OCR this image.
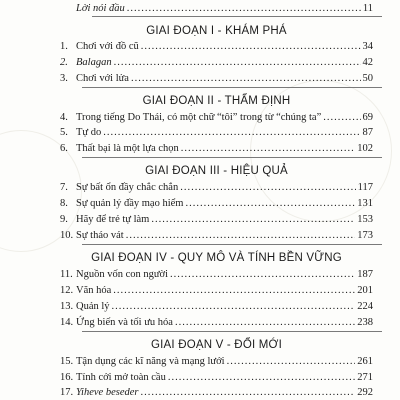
Lời nói đầu .....	11
GIAI ĐOẠN I - KHÁM PHÁ
1. Chơi với đồ cũ .....	34
2. Balagan .....	42
3. Chơi với lửa .....	50
GIAI ĐOẠN II - THẨM ĐỊNH
4. Trong tiếng Do Thái, có một chữ “tôi” trong từ “chúng ta” .....	69
5. Tự do .....	87
6. Thất bại là một lựa chọn .....	102
GIAI ĐOẠN III - HIỆU QUẢ
7. Sự bất ổn đầy chắc chắn .....	117
8. Sự quản lý đầy mạo hiểm .....	131
9. Hãy để trẻ tự làm .....	153
10. Sự tháo vát .....	173
GIAI ĐOẠN IV - QUY MÔ VÀ TÍNH BỀN VỮNG
11. Nguồn vốn con người .....	187
12. Văn hóa .....	201
13. Quản lý .....	224
14. Ứng biến và tối ưu hóa .....	238
GIAI ĐOẠN V - ĐỔI MỚI
15. Tận dụng các kĩ năng và mạng lưới .....	261
16. Tính cởi mở toàn cầu .....	271
17. Yiheve beseder .....	292
